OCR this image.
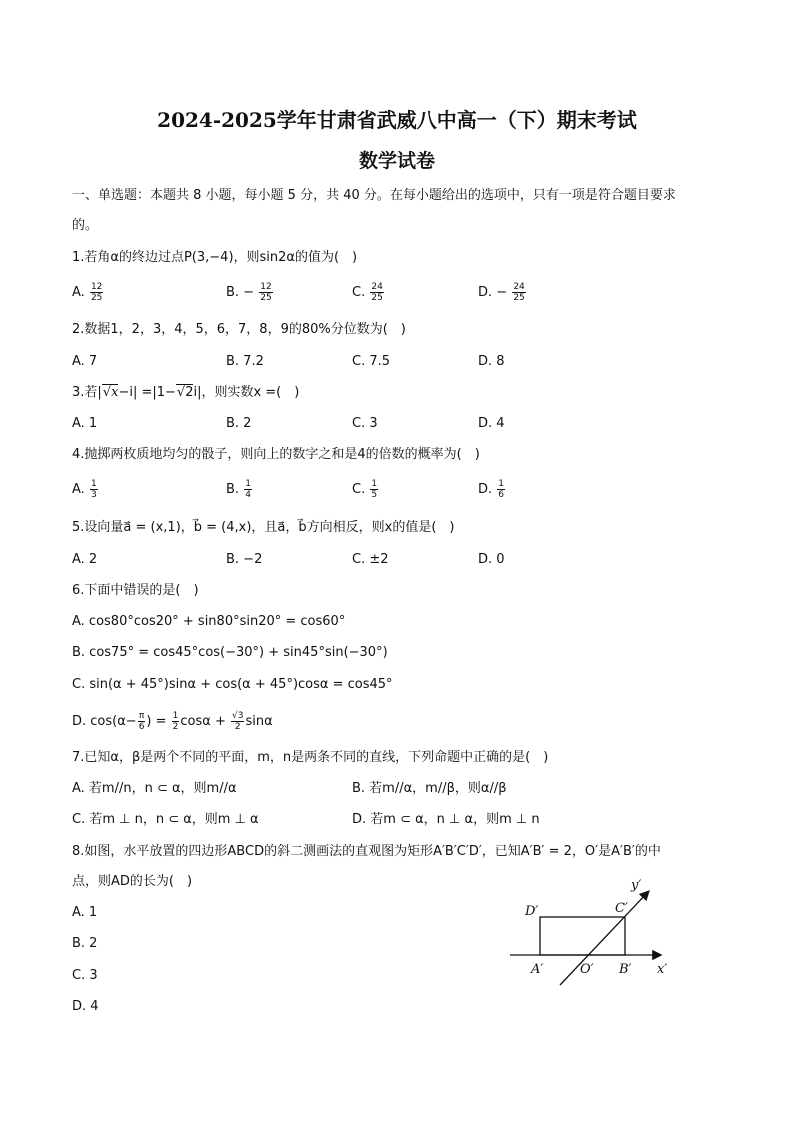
2024-2025学年甘肃省武威八中高一（下）期末考试
数学试卷
一、单选题：本题共 8 小题，每小题 5 分，共 40 分。在每小题给出的选项中，只有一项是符合题目要求
的。
1.若角α的终边过点P(3,−4)，则sin2α的值为(　)
A. $\frac{12}{25}$	B. − $\frac{12}{25}$	C. $\frac{24}{25}$	D. − $\frac{24}{25}$
2.数据1，2，3，4，5，6，7，8，9的80%分位数为(　)
A. 7	B. 7.2	C. 7.5	D. 8
3.若|√x−i| =|1−√2i|，则实数x =(　)
A. 1	B. 2	C. 3	D. 4
4.抛掷两枚质地均匀的骰子，则向上的数字之和是4的倍数的概率为(　)
A. $\frac{1}{3}$	B. $\frac{1}{4}$	C. $\frac{1}{5}$	D. $\frac{1}{6}$
5.设向量a⃗ = (x,1)，b⃗ = (4,x)，且a⃗，b⃗方向相反，则x的值是(　)
A. 2	B. −2	C. ±2	D. 0
6.下面中错误的是(　)
A. cos80°cos20° + sin80°sin20° = cos60°
B. cos75° = cos45°cos(−30°) + sin45°sin(−30°)
C. sin(α + 45°)sinα + cos(α + 45°)cosα = cos45°
D. $\cos(\alpha- \frac{\pi}{6}$ ) = $\frac{1}{2}$ $\cos\alpha + \frac{√3}{2}$ sinα
7.已知α，β是两个不同的平面，m，n是两条不同的直线，下列命题中正确的是(　)
A. 若m//n，n ⊂ α，则m//α	B. 若m//α，m//β，则α//β
C. 若m ⊥ n，n ⊂ α，则m ⊥ α	D. 若m ⊂ α，n ⊥ α，则m ⊥ n
8.如图，水平放置的四边形ABCD的斜二测画法的直观图为矩形A′B′C′D′，已知A′B′ = 2，O′是A′B′的中
点，则AD的长为(　)
A. 1
B. 2
C. 3
D. 4
D′	C′
A′	O′ B′ x′
y′
